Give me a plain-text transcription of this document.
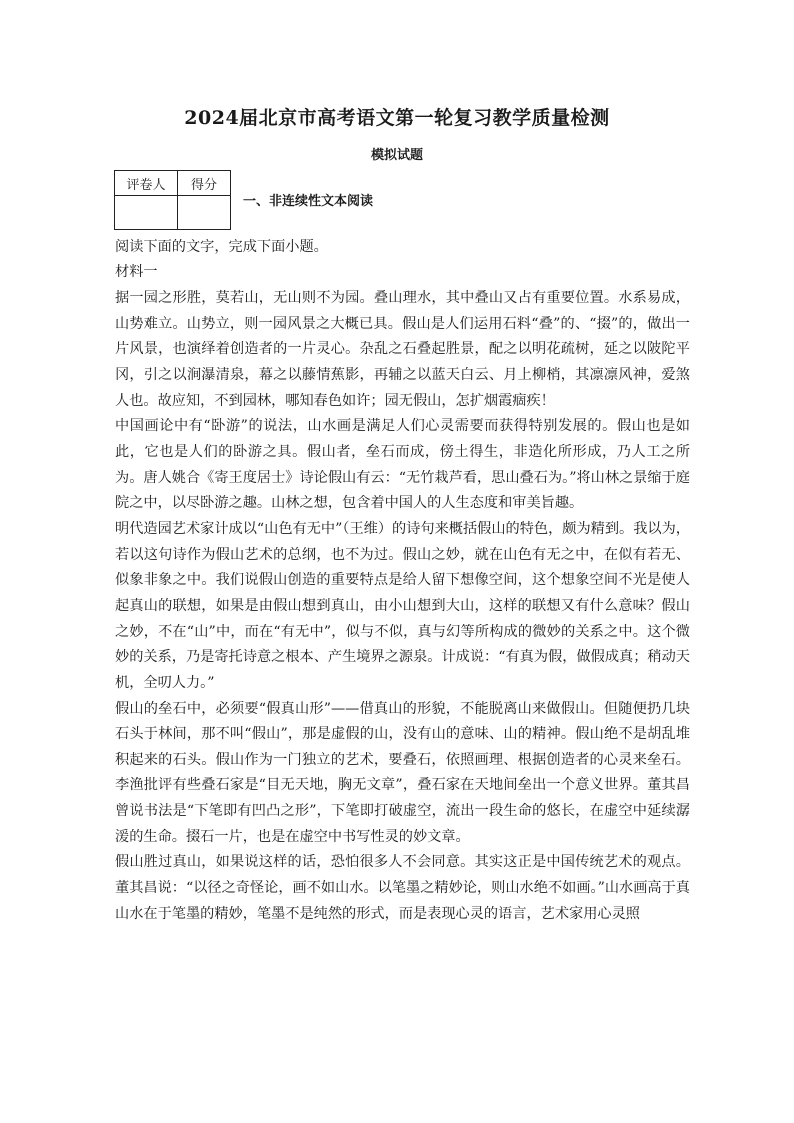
2024届北京市高考语文第一轮复习教学质量检测
模拟试题
评卷人	得分

一、非连续性文本阅读
阅读下面的文字，完成下面小题。
材料一

据一园之形胜，莫若山，无山则不为园。叠山理水，其中叠山又占有重要位置。水系易成，山势难立。山势立，则一园风景之大概已具。假山是人们运用石料“叠”的、“掇”的，做出一片风景，也演绎着创造者的一片灵心。杂乱之石叠起胜景，配之以明花疏树，延之以陂陀平冈，引之以涧瀑清泉，幕之以藤情蕉影，再辅之以蓝天白云、月上柳梢，其凛凛风神，爱煞人也。故应知，不到园林，哪知春色如许；园无假山，怎扩烟霞痼疾！

中国画论中有“卧游”的说法，山水画是满足人们心灵需要而获得特别发展的。假山也是如此，它也是人们的卧游之具。假山者，垒石而成，傍土得生，非造化所形成，乃人工之所为。唐人姚合《寄王度居士》诗论假山有云：“无竹栽芦看，思山叠石为。”将山林之景缩于庭院之中，以尽卧游之趣。山林之想，包含着中国人的人生态度和审美旨趣。

明代造园艺术家计成以“山色有无中”（王维）的诗句来概括假山的特色，颇为精到。我以为，若以这句诗作为假山艺术的总纲，也不为过。假山之妙，就在山色有无之中，在似有若无、似象非象之中。我们说假山创造的重要特点是给人留下想像空间，这个想象空间不光是使人起真山的联想，如果是由假山想到真山，由小山想到大山，这样的联想又有什么意味？假山之妙，不在“山”中，而在“有无中”，似与不似，真与幻等所构成的微妙的关系之中。这个微妙的关系，乃是寄托诗意之根本、产生境界之源泉。计成说：“有真为假，做假成真；稍动天机，全叨人力。”

假山的垒石中，必须要“假真山形”——借真山的形貌，不能脱离山来做假山。但随便扔几块石头于林间，那不叫“假山”，那是虚假的山，没有山的意味、山的精神。假山绝不是胡乱堆积起来的石头。假山作为一门独立的艺术，要叠石，依照画理、根据创造者的心灵来垒石。李渔批评有些叠石家是“目无天地，胸无文章”，叠石家在天地间垒出一个意义世界。董其昌曾说书法是“下笔即有凹凸之形”，下笔即打破虚空，流出一段生命的悠长，在虚空中延续潺湲的生命。掇石一片，也是在虚空中书写性灵的妙文章。

假山胜过真山，如果说这样的话，恐怕很多人不会同意。其实这正是中国传统艺术的观点。董其昌说：“以径之奇怪论，画不如山水。以笔墨之精妙论，则山水绝不如画。”山水画高于真山水在于笔墨的精妙，笔墨不是纯然的形式，而是表现心灵的语言，艺术家用心灵照
